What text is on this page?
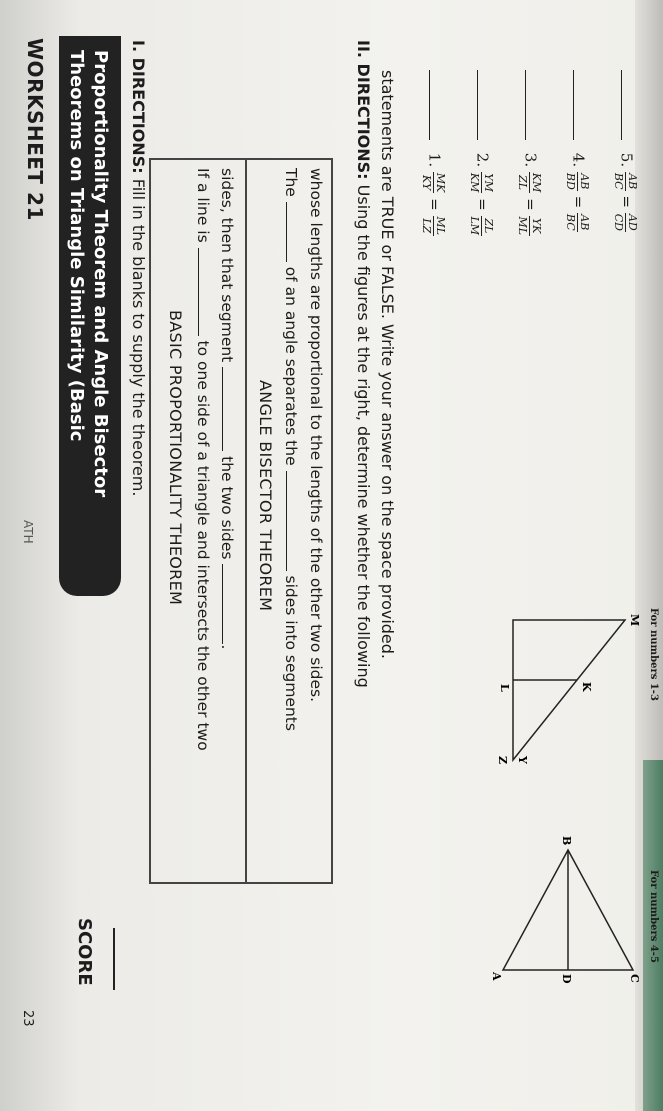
WORKSHEET 21
ATH
23
Theorems on Triangle Similarity (Basic Proportionality Theorem and Angle Bisector
SCORE
I. DIRECTIONS: Fill in the blanks to supply the theorem. BASIC PROPORTIONALITY THEOREM
If a line is  to one side of a triangle and intersects the other two
sides, then that segment  the two sides .
ANGLE BISECTOR THEOREM
The  of an angle separates the  sides into segments whose lengths are proportional to the lengths of the other two sides.
II. DIRECTIONS: Using the figures at the right, determine whether the following statements are TRUE or FALSE. Write your answer on the space provided.	1.
MK
KY
=
ML
LZ
2.
YM
KM
=
ZL
LM
3.
KM
ZL
=
YK
ML
4.
AB
BD
=
AB
BC
5.
AB
BC
=
AD
CD
M
K
L
Y
Z
For numbers 1-3
B
A	D	C
For numbers 4-5
